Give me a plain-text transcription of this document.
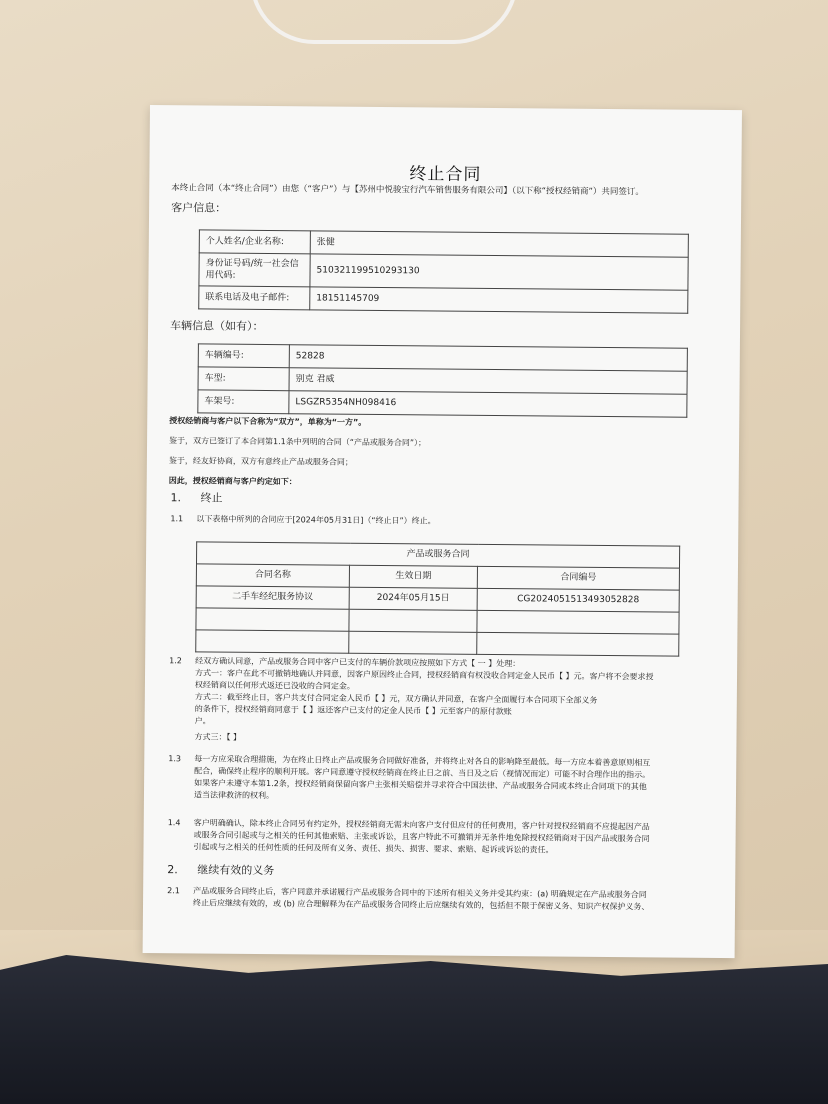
终止合同
本终止合同（本“终止合同”）由您（“客户”）与【苏州中悦骏宝行汽车销售服务有限公司】（以下称“授权经销商”）共同签订。
客户信息：
个人姓名/企业名称:	张健
身份证号码/统一社会信用代码:	510321199510293130
联系电话及电子邮件:	18151145709
车辆信息（如有）：
车辆编号:	52828
车型:	别克 君威
车架号:	LSGZR5354NH098416
授权经销商与客户以下合称为“双方”，单称为“一方”。
鉴于，双方已签订了本合同第1.1条中列明的合同（“产品或服务合同”）；
鉴于，经友好协商，双方有意终止产品或服务合同；
因此，授权经销商与客户约定如下：
1. 终止
1.1 以下表格中所列的合同应于[2024年05月31日]（“终止日”）终止。
产品或服务合同		
合同名称	生效日期	合同编号
二手车经纪服务协议	2024年05月15日	CG2024051513493052828

1.2 经双方确认同意，产品或服务合同中客户已支付的车辆价款项应按照如下方式【 一 】处理：
方式一：客户在此不可撤销地确认并同意，因客户原因终止合同，授权经销商有权没收合同定金人民币【 】元。客户将不会要求授
权经销商以任何形式返还已没收的合同定金。
方式二：截至终止日，客户共支付合同定金人民币【 】元，双方确认并同意，在客户全面履行本合同项下全部义务
的条件下，授权经销商同意于【 】返还客户已支付的定金人民币【 】元至客户的原付款账
户。
方式三：【 】
1.3 每一方应采取合理措施，为在终止日终止产品或服务合同做好准备，并将终止对各自的影响降至最低。每一方应本着善意原则相互
配合，确保终止程序的顺利开展。客户同意遵守授权经销商在终止日之前、当日及之后（视情况而定）可能不时合理作出的指示。
如果客户未遵守本第1.2条，授权经销商保留向客户主张相关赔偿并寻求符合中国法律、产品或服务合同或本终止合同项下的其他
适当法律救济的权利。
1.4 客户明确确认，除本终止合同另有约定外，授权经销商无需未向客户支付但应付的任何费用，客户针对授权经销商不应提起因产品
或服务合同引起或与之相关的任何其他索赔、主张或诉讼，且客户特此不可撤销并无条件地免除授权经销商对于因产品或服务合同
引起或与之相关的任何性质的任何及所有义务、责任、损失、损害、要求、索赔、起诉或诉讼的责任。
2. 继续有效的义务
2.1 产品或服务合同终止后，客户同意并承诺履行产品或服务合同中的下述所有相关义务并受其约束：(a) 明确规定在产品或服务合同
终止后应继续有效的，或 (b) 应合理解释为在产品或服务合同终止后应继续有效的，包括但不限于保密义务、知识产权保护义务、
